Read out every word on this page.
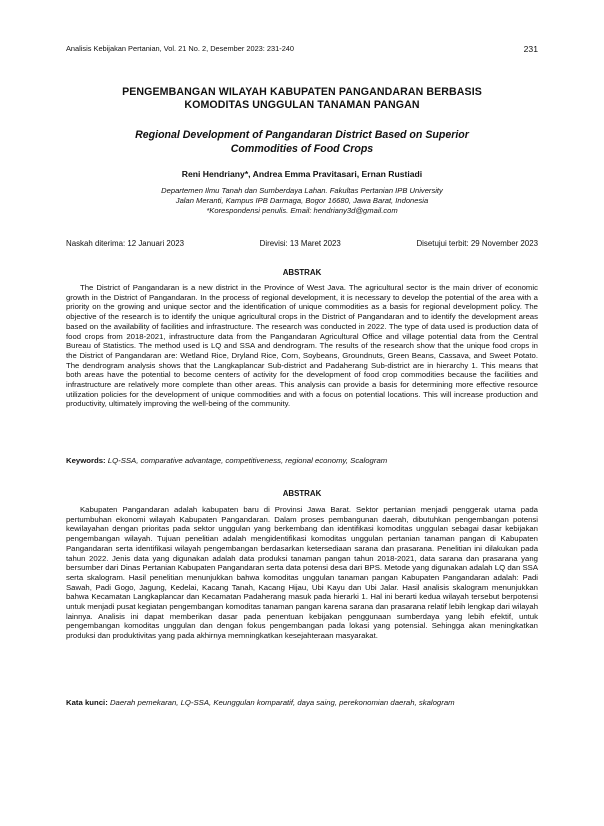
Analisis Kebijakan Pertanian, Vol. 21 No. 2, Desember 2023: 231-240	231
PENGEMBANGAN WILAYAH KABUPATEN PANGANDARAN BERBASIS
KOMODITAS UNGGULAN TANAMAN PANGAN
Regional Development of Pangandaran District Based on Superior
Commodities of Food Crops
Reni Hendriany*, Andrea Emma Pravitasari, Ernan Rustiadi
Departemen Ilmu Tanah dan Sumberdaya Lahan. Fakultas Pertanian IPB University
Jalan Meranti, Kampus IPB Darmaga, Bogor 16680, Jawa Barat, Indonesia
*Korespondensi penulis. Email: hendriany3d@gmail.com
Naskah diterima: 12 Januari 2023	Direvisi: 13 Maret 2023	Disetujui terbit: 29 November 2023
ABSTRAK
The District of Pangandaran is a new district in the Province of West Java. The agricultural sector is the main driver of economic growth in the District of Pangandaran. In the process of regional development, it is necessary to develop the potential of the area with a priority on the growing and unique sector and the identification of unique commodities as a basis for regional development policy. The objective of the research is to identify the unique agricultural crops in the District of Pangandaran and to identify the development areas based on the availability of facilities and infrastructure. The research was conducted in 2022. The type of data used is production data of food crops from 2018-2021, infrastructure data from the Pangandaran Agricultural Office and village potential data from the Central Bureau of Statistics. The method used is LQ and SSA and dendrogram. The results of the research show that the unique food crops in the District of Pangandaran are: Wetland Rice, Dryland Rice, Corn, Soybeans, Groundnuts, Green Beans, Cassava, and Sweet Potato. The dendrogram analysis shows that the Langkaplancar Sub-district and Padaherang Sub-district are in hierarchy 1. This means that both areas have the potential to become centers of activity for the development of food crop commodities because the facilities and infrastructure are relatively more complete than other areas. This analysis can provide a basis for determining more effective resource utilization policies for the development of unique commodities and with a focus on potential locations. This will increase production and productivity, ultimately improving the well-being of the community.
Keywords: LQ-SSA, comparative advantage, competitiveness, regional economy, Scalogram
ABSTRAK
Kabupaten Pangandaran adalah kabupaten baru di Provinsi Jawa Barat. Sektor pertanian menjadi penggerak utama pada pertumbuhan ekonomi wilayah Kabupaten Pangandaran. Dalam proses pembangunan daerah, dibutuhkan pengembangan potensi kewilayahan dengan prioritas pada sektor unggulan yang berkembang dan identifikasi komoditas unggulan sebagai dasar kebijakan pengembangan wilayah. Tujuan penelitian adalah mengidentifikasi komoditas unggulan pertanian tanaman pangan di Kabupaten Pangandaran serta identifikasi wilayah pengembangan berdasarkan ketersediaan sarana dan prasarana. Penelitian ini dilakukan pada tahun 2022. Jenis data yang digunakan adalah data produksi tanaman pangan tahun 2018-2021, data sarana dan prasarana yang bersumber dari Dinas Pertanian Kabupaten Pangandaran serta data potensi desa dari BPS. Metode yang digunakan adalah LQ dan SSA serta skalogram. Hasil penelitian menunjukkan bahwa komoditas unggulan tanaman pangan Kabupaten Pangandaran adalah: Padi Sawah, Padi Gogo, Jagung, Kedelai, Kacang Tanah, Kacang Hijau, Ubi Kayu dan Ubi Jalar. Hasil analisis skalogram menunjukkan bahwa Kecamatan Langkaplancar dan Kecamatan Padaherang masuk pada hierarki 1. Hal ini berarti kedua wilayah tersebut berpotensi untuk menjadi pusat kegiatan pengembangan komoditas tanaman pangan karena sarana dan prasarana relatif lebih lengkap dari wilayah lainnya. Analisis ini dapat memberikan dasar pada penentuan kebijakan penggunaan sumberdaya yang lebih efektif, untuk pengembangan komoditas unggulan dan dengan fokus pengembangan pada lokasi yang potensial. Sehingga akan meningkatkan produksi dan produktivitas yang pada akhirnya memningkatkan kesejahteraan masyarakat.
Kata kunci: Daerah pemekaran, LQ-SSA, Keunggulan komparatif, daya saing, perekonomian daerah, skalogram
